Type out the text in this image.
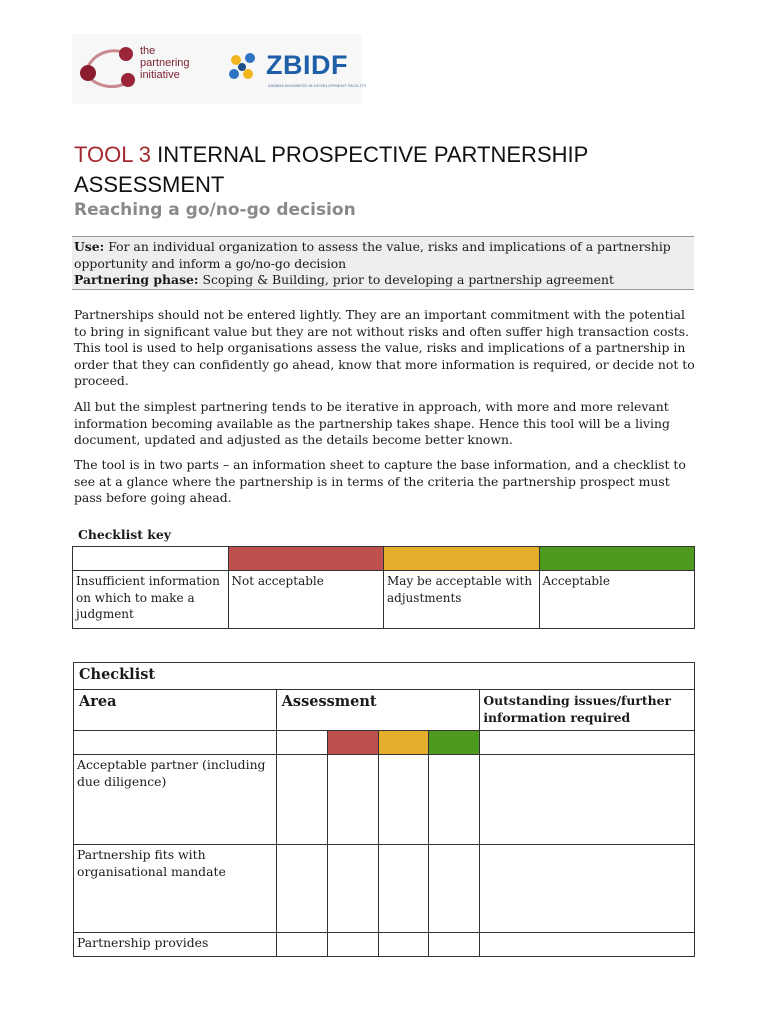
the
partnering
initiative	ZBIDF
ZAMBIA BUSINESS IN DEVELOPMENT FACILITY
TOOL 3 INTERNAL PROSPECTIVE PARTNERSHIP ASSESSMENT
Reaching a go/no-go decision
Use: For an individual organization to assess the value, risks and implications of a partnership opportunity and inform a go/no-go decision
Partnering phase: Scoping & Building, prior to developing a partnership agreement

Partnerships should not be entered lightly. They are an important commitment with the potential to bring in significant value but they are not without risks and often suffer high transaction costs. This tool is used to help organisations assess the value, risks and implications of a partnership in order that they can confidently go ahead, know that more information is required, or decide not to proceed.

All but the simplest partnering tends to be iterative in approach, with more and more relevant information becoming available as the partnership takes shape. Hence this tool will be a living document, updated and adjusted as the details become better known.

The tool is in two parts – an information sheet to capture the base information, and a checklist to see at a glance where the partnership is in terms of the criteria the partnership prospect must pass before going ahead.

Checklist key

Insufficient information on which to make a judgment	Not acceptable	May be acceptable with adjustments	Acceptable
Checklist					
Area	Assessment				Outstanding issues/further information required

Acceptable partner (including due diligence)					
Partnership fits with organisational mandate					
Partnership provides					
